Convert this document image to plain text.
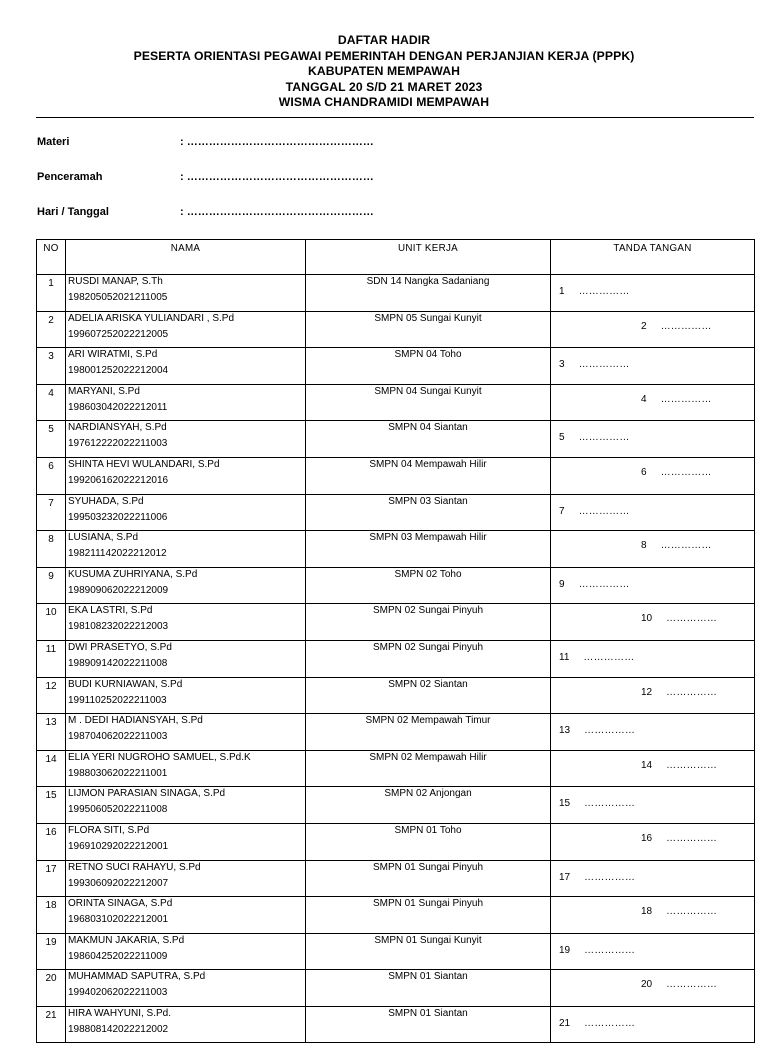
DAFTAR HADIR
PESERTA ORIENTASI PEGAWAI PEMERINTAH DENGAN PERJANJIAN KERJA (PPPK)
KABUPATEN MEMPAWAH
TANGGAL 20 S/D 21 MARET 2023
WISMA CHANDRAMIDI MEMPAWAH
Materi	: ……………………………………………
Penceramah	: ……………………………………………
Hari / Tanggal	: ……………………………………………
NO	NAMA	UNIT KERJA	TANDA TANGAN
1	RUSDI MANAP, S.Th
198205052021211005	SDN 14 Nangka Sadaniang	1 ……………

2	ADELIA ARISKA YULIANDARI , S.Pd
199607252022212005	SMPN 05 Sungai Kunyit	2 ……………

3	ARI WIRATMI, S.Pd
198001252022212004	SMPN 04 Toho	3 ……………

4	MARYANI, S.Pd
198603042022212011	SMPN 04 Sungai Kunyit	4 ……………

5	NARDIANSYAH, S.Pd
197612222022211003	SMPN 04 Siantan	5 ……………

6	SHINTA HEVI WULANDARI, S.Pd
199206162022212016	SMPN 04 Mempawah Hilir	6 ……………

7	SYUHADA, S.Pd
199503232022211006	SMPN 03 Siantan	7 ……………

8	LUSIANA, S.Pd
198211142022212012	SMPN 03 Mempawah Hilir	8 ……………

9	KUSUMA ZUHRIYANA, S.Pd
198909062022212009	SMPN 02 Toho	9 ……………

10	EKA LASTRI, S.Pd
198108232022212003	SMPN 02 Sungai Pinyuh	10 ……………

11	DWI PRASETYO, S.Pd
198909142022211008	SMPN 02 Sungai Pinyuh	11 ……………

12	BUDI KURNIAWAN, S.Pd
199110252022211003	SMPN 02 Siantan	12 ……………

13	M . DEDI HADIANSYAH, S.Pd
198704062022211003	SMPN 02 Mempawah Timur	13 ……………

14	ELIA YERI NUGROHO SAMUEL, S.Pd.K
198803062022211001	SMPN 02 Mempawah Hilir	14 ……………

15	LIJMON PARASIAN SINAGA, S.Pd
199506052022211008	SMPN 02 Anjongan	15 ……………

16	FLORA SITI, S.Pd
196910292022212001	SMPN 01 Toho	16 ……………

17	RETNO SUCI RAHAYU, S.Pd
199306092022212007	SMPN 01 Sungai Pinyuh	17 ……………

18	ORINTA SINAGA, S.Pd
196803102022212001	SMPN 01 Sungai Pinyuh	18 ……………

19	MAKMUN JAKARIA, S.Pd
198604252022211009	SMPN 01 Sungai Kunyit	19 ……………

20	MUHAMMAD SAPUTRA, S.Pd
199402062022211003	SMPN 01 Siantan	20 ……………

21	HIRA WAHYUNI, S.Pd.
198808142022212002	SMPN 01 Siantan	21 ……………
